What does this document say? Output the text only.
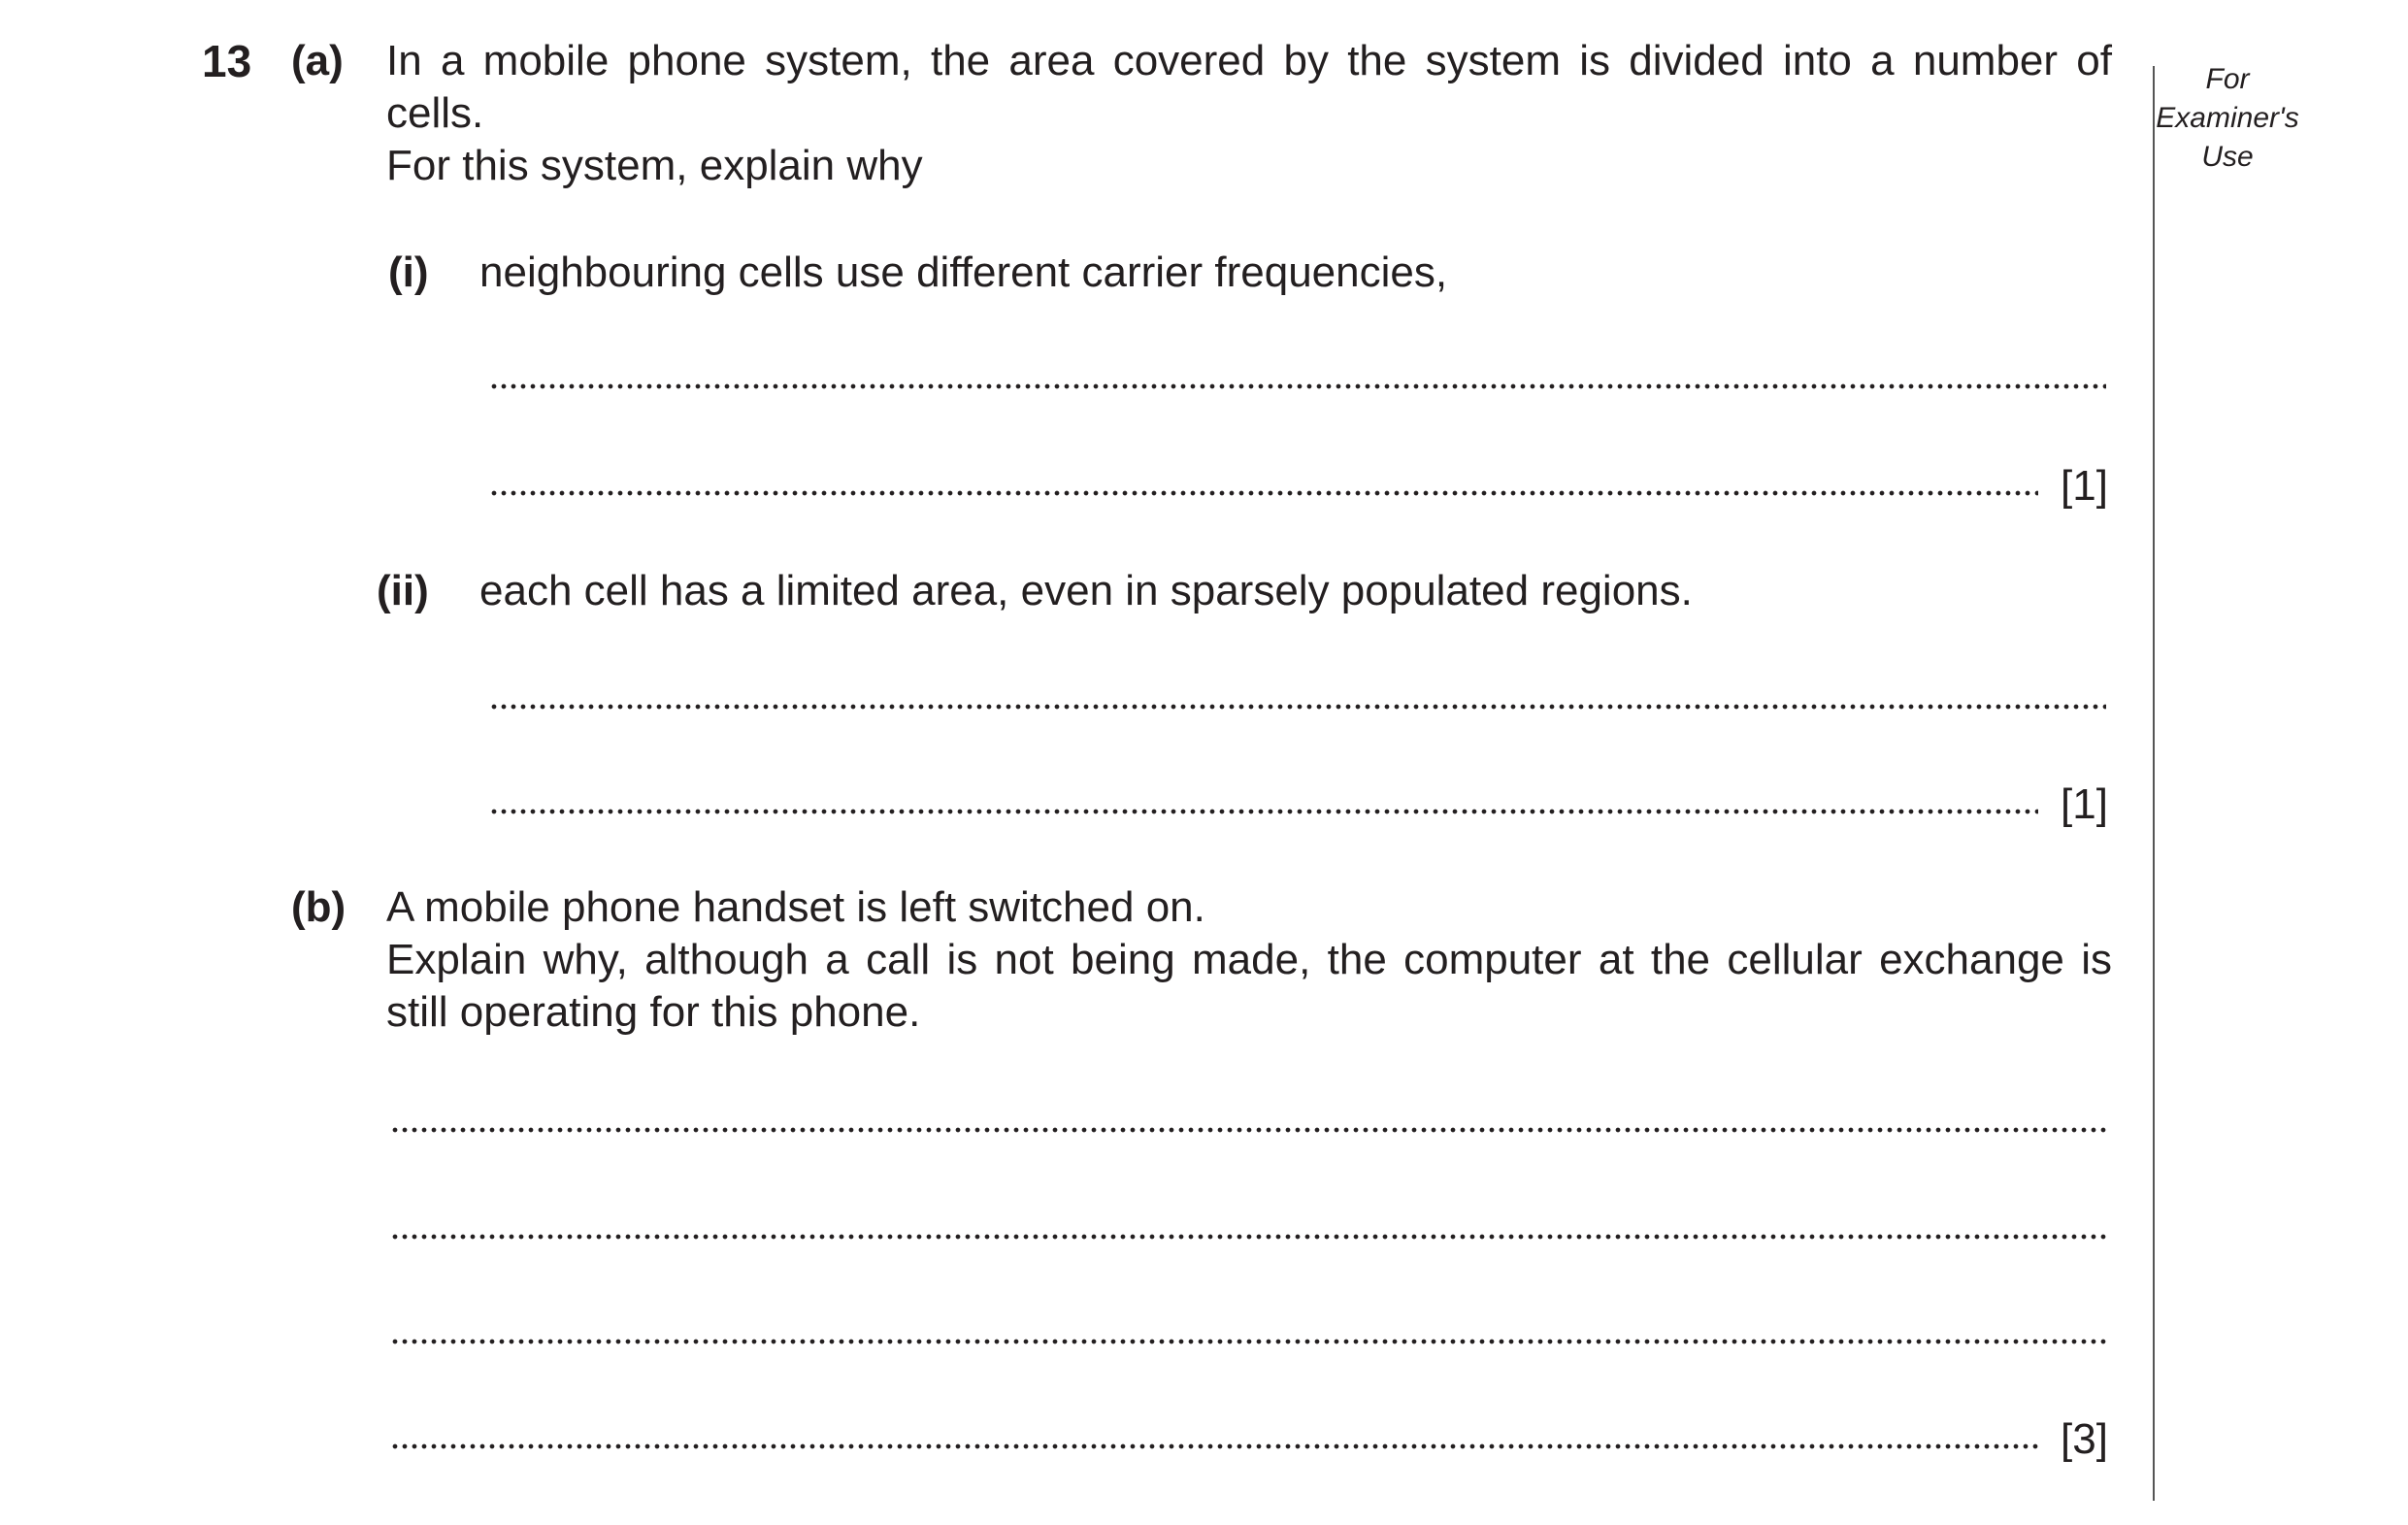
13 (a) In a mobile phone system, the area covered by the system is divided into a number of
cells.
For this system, explain why
(i) neighbouring cells use different carrier frequencies,
[1]
(ii) each cell has a limited area, even in sparsely populated regions.
[1]
(b) A mobile phone handset is left switched on.
Explain why, although a call is not being made, the computer at the cellular exchange is
still operating for this phone.
[3]
For Examiner's Use
